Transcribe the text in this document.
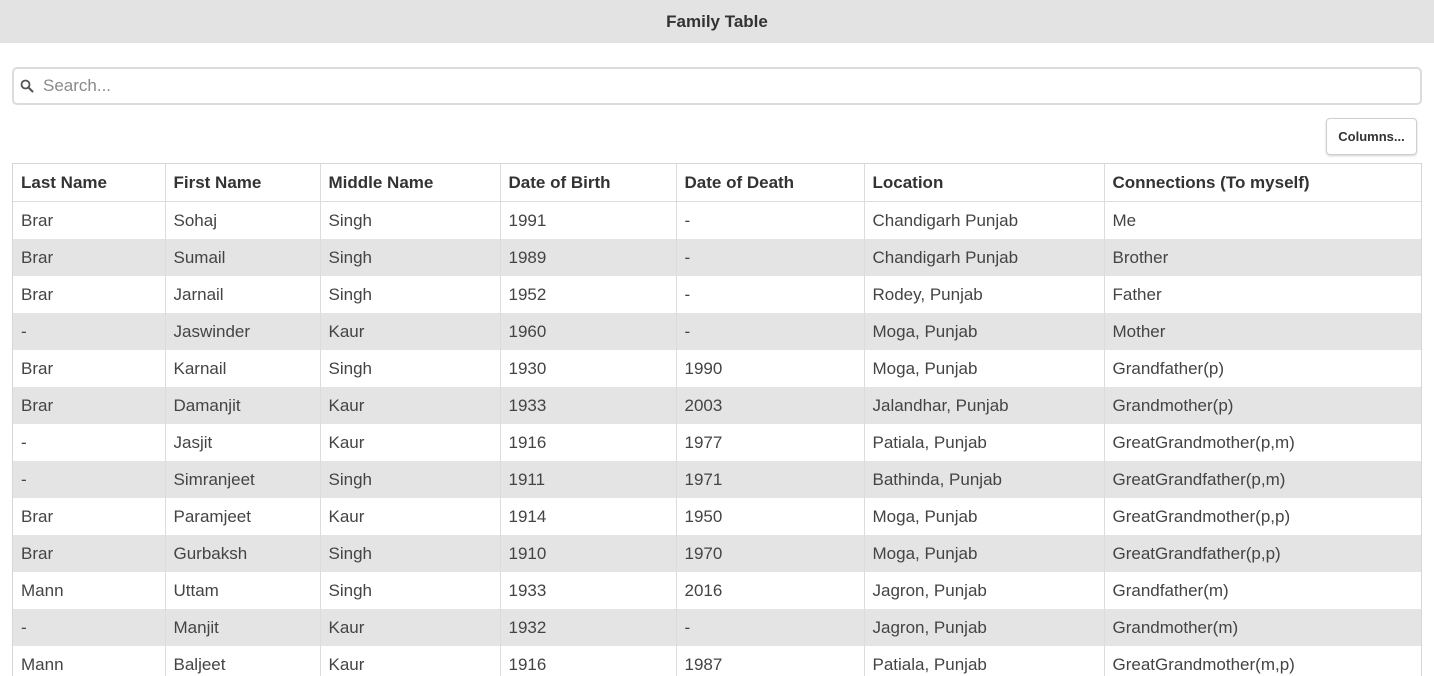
Family Table
Search...
Columns...
Last Name	First Name	Middle Name	Date of Birth	Date of Death	Location	Connections (To myself)
Brar	Sohaj	Singh	1991	-	Chandigarh Punjab	Me
Brar	Sumail	Singh	1989	-	Chandigarh Punjab	Brother
Brar	Jarnail	Singh	1952	-	Rodey, Punjab	Father
-	Jaswinder	Kaur	1960	-	Moga, Punjab	Mother
Brar	Karnail	Singh	1930	1990	Moga, Punjab	Grandfather(p)
Brar	Damanjit	Kaur	1933	2003	Jalandhar, Punjab	Grandmother(p)
-	Jasjit	Kaur	1916	1977	Patiala, Punjab	GreatGrandmother(p,m)
-	Simranjeet	Singh	1911	1971	Bathinda, Punjab	GreatGrandfather(p,m)
Brar	Paramjeet	Kaur	1914	1950	Moga, Punjab	GreatGrandmother(p,p)
Brar	Gurbaksh	Singh	1910	1970	Moga, Punjab	GreatGrandfather(p,p)
Mann	Uttam	Singh	1933	2016	Jagron, Punjab	Grandfather(m)
-	Manjit	Kaur	1932	-	Jagron, Punjab	Grandmother(m)
Mann	Baljeet	Kaur	1916	1987	Patiala, Punjab	GreatGrandmother(m,p)
